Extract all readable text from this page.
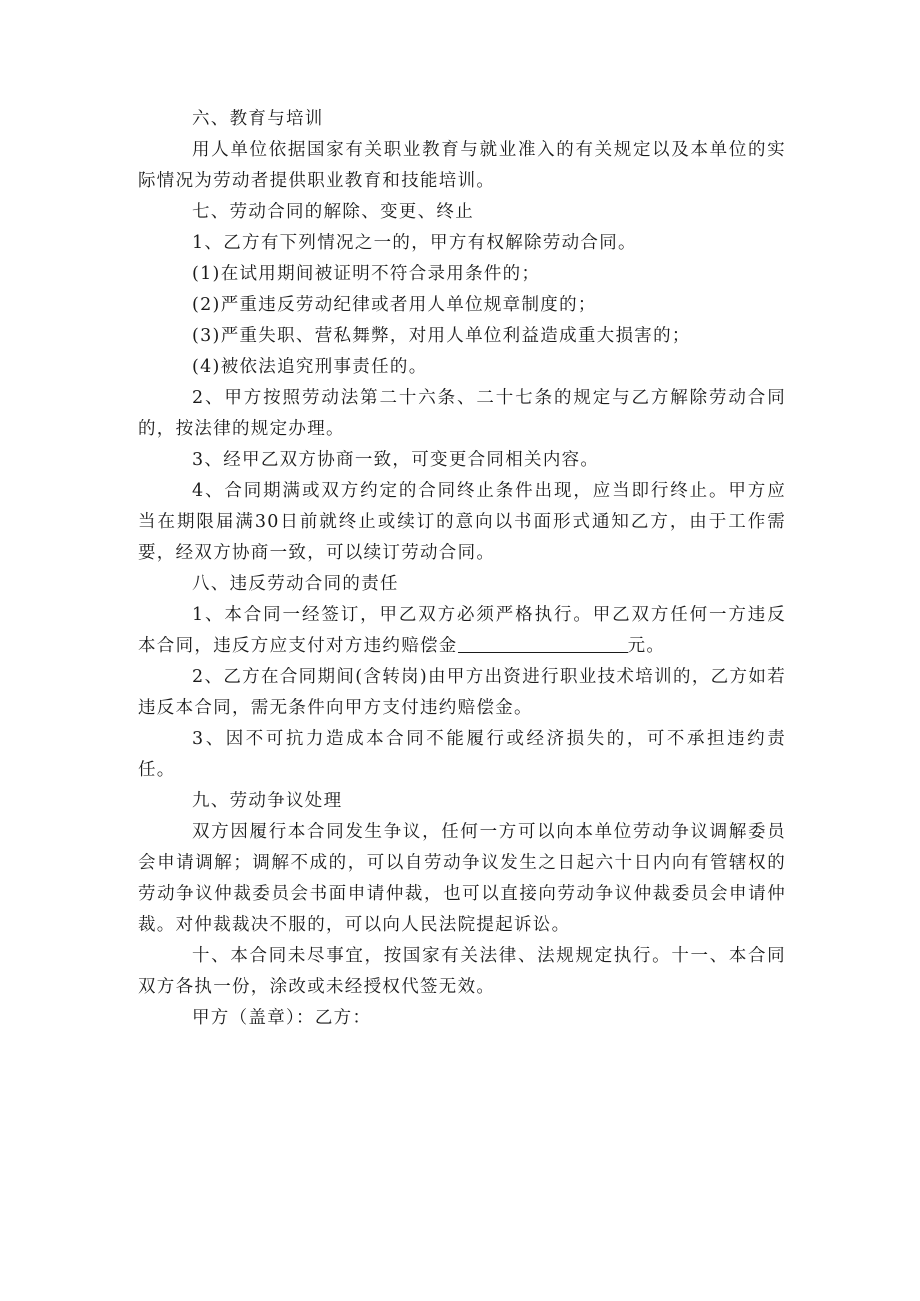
六、教育与培训

用人单位依据国家有关职业教育与就业准入的有关规定以及本单位的实际情况为劳动者提供职业教育和技能培训。

七、劳动合同的解除、变更、终止

1、乙方有下列情况之一的，甲方有权解除劳动合同。

(1)在试用期间被证明不符合录用条件的；

(2)严重违反劳动纪律或者用人单位规章制度的；

(3)严重失职、营私舞弊，对用人单位利益造成重大损害的；

(4)被依法追究刑事责任的。

2、甲方按照劳动法第二十六条、二十七条的规定与乙方解除劳动合同的，按法律的规定办理。

3、经甲乙双方协商一致，可变更合同相关内容。

4、合同期满或双方约定的合同终止条件出现，应当即行终止。甲方应当在期限届满30日前就终止或续订的意向以书面形式通知乙方，由于工作需要，经双方协商一致，可以续订劳动合同。

八、违反劳动合同的责任

1、本合同一经签订，甲乙双方必须严格执行。甲乙双方任何一方违反本合同，违反方应支付对方违约赔偿金	元。

2、乙方在合同期间(含转岗)由甲方出资进行职业技术培训的，乙方如若违反本合同，需无条件向甲方支付违约赔偿金。

3、因不可抗力造成本合同不能履行或经济损失的，可不承担违约责任。

九、劳动争议处理

双方因履行本合同发生争议，任何一方可以向本单位劳动争议调解委员会申请调解；调解不成的，可以自劳动争议发生之日起六十日内向有管辖权的劳动争议仲裁委员会书面申请仲裁，也可以直接向劳动争议仲裁委员会申请仲裁。对仲裁裁决不服的，可以向人民法院提起诉讼。

十、本合同未尽事宜，按国家有关法律、法规规定执行。十一、本合同双方各执一份，涂改或未经授权代签无效。

甲方（盖章）：乙方：
